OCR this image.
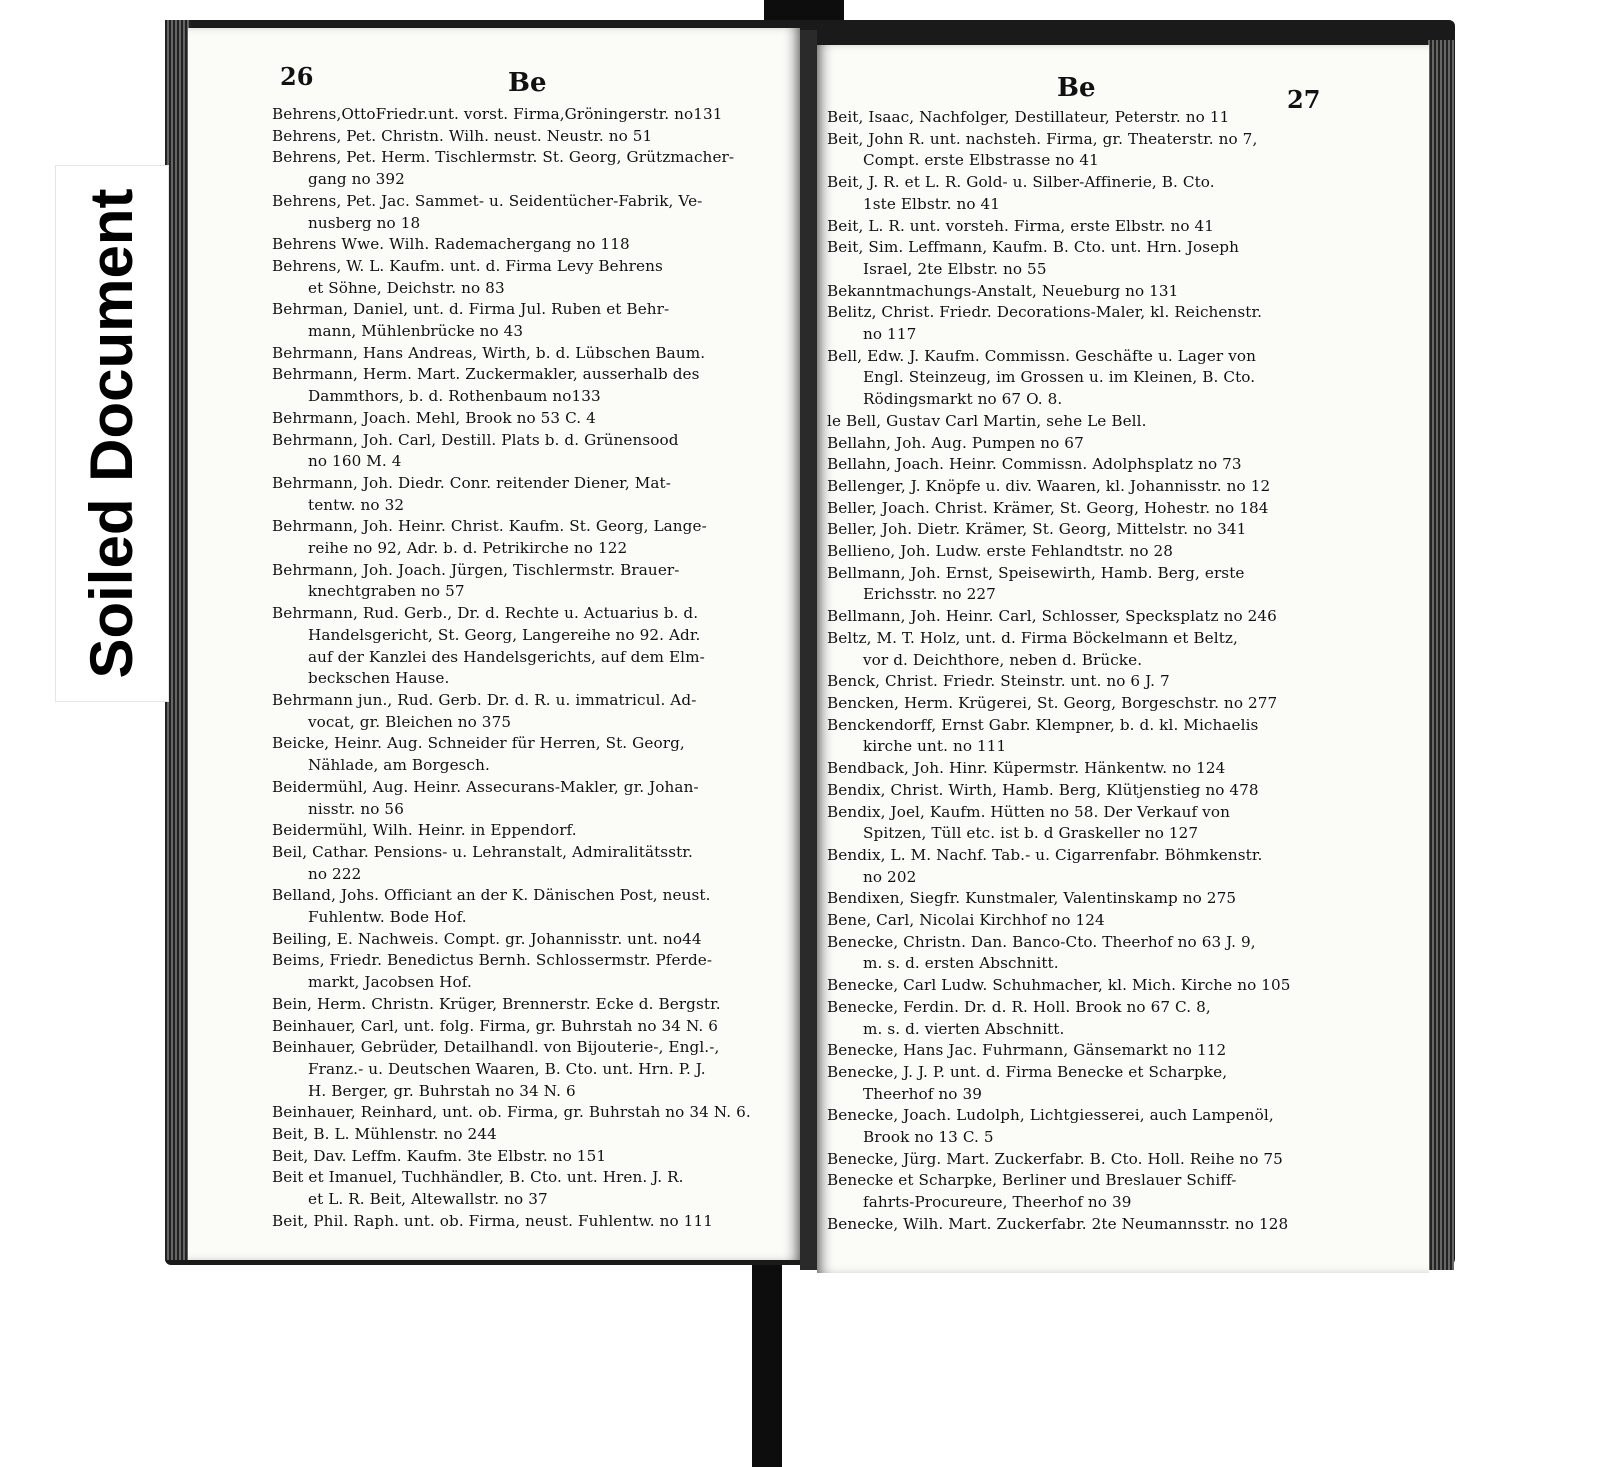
26	Be
Behrens,OttoFriedr.unt. vorst. Firma,Gröningerstr. no131
Behrens, Pet. Christn. Wilh. neust. Neustr. no 51
Behrens, Pet. Herm. Tischlermstr. St. Georg, Grützmacher-
gang no 392
Behrens, Pet. Jac. Sammet- u. Seidentücher-Fabrik, Ve-
nusberg no 18
Behrens Wwe. Wilh. Rademachergang no 118
Behrens, W. L. Kaufm. unt. d. Firma Levy Behrens
et Söhne, Deichstr. no 83
Behrman, Daniel, unt. d. Firma Jul. Ruben et Behr-
mann, Mühlenbrücke no 43
Behrmann, Hans Andreas, Wirth, b. d. Lübschen Baum.
Behrmann, Herm. Mart. Zuckermakler, ausserhalb des
Dammthors, b. d. Rothenbaum no133
Behrmann, Joach. Mehl, Brook no 53 C. 4
Behrmann, Joh. Carl, Destill. Plats b. d. Grünensood
no 160 M. 4
Behrmann, Joh. Diedr. Conr. reitender Diener, Mat-
tentw. no 32
Behrmann, Joh. Heinr. Christ. Kaufm. St. Georg, Lange-
reihe no 92, Adr. b. d. Petrikirche no 122
Behrmann, Joh. Joach. Jürgen, Tischlermstr. Brauer-
knechtgraben no 57
Behrmann, Rud. Gerb., Dr. d. Rechte u. Actuarius b. d.
Handelsgericht, St. Georg, Langereihe no 92. Adr.
auf der Kanzlei des Handelsgerichts, auf dem Elm-
beckschen Hause.
Behrmann jun., Rud. Gerb. Dr. d. R. u. immatricul. Ad-
vocat, gr. Bleichen no 375
Beicke, Heinr. Aug. Schneider für Herren, St. Georg,
Nählade, am Borgesch.
Beidermühl, Aug. Heinr. Assecurans-Makler, gr. Johan-
nisstr. no 56
Beidermühl, Wilh. Heinr. in Eppendorf.
Beil, Cathar. Pensions- u. Lehranstalt, Admiralitätsstr.
no 222
Belland, Johs. Officiant an der K. Dänischen Post, neust.
Fuhlentw. Bode Hof.
Beiling, E. Nachweis. Compt. gr. Johannisstr. unt. no44
Beims, Friedr. Benedictus Bernh. Schlossermstr. Pferde-
markt, Jacobsen Hof.
Bein, Herm. Christn. Krüger, Brennerstr. Ecke d. Bergstr.
Beinhauer, Carl, unt. folg. Firma, gr. Buhrstah no 34 N. 6
Beinhauer, Gebrüder, Detailhandl. von Bijouterie-, Engl.-,
Franz.- u. Deutschen Waaren, B. Cto. unt. Hrn. P. J.
H. Berger, gr. Buhrstah no 34 N. 6
Beinhauer, Reinhard, unt. ob. Firma, gr. Buhrstah no 34 N. 6.
Beit, B. L. Mühlenstr. no 244
Beit, Dav. Leffm. Kaufm. 3te Elbstr. no 151
Beit et Imanuel, Tuchhändler, B. Cto. unt. Hren. J. R.
et L. R. Beit, Altewallstr. no 37
Beit, Phil. Raph. unt. ob. Firma, neust. Fuhlentw. no 111
Be	27
Beit, Isaac, Nachfolger, Destillateur, Peterstr. no 11
Beit, John R. unt. nachsteh. Firma, gr. Theaterstr. no 7,
Compt. erste Elbstrasse no 41
Beit, J. R. et L. R. Gold- u. Silber-Affinerie, B. Cto.
1ste Elbstr. no 41
Beit, L. R. unt. vorsteh. Firma, erste Elbstr. no 41
Beit, Sim. Leffmann, Kaufm. B. Cto. unt. Hrn. Joseph
Israel, 2te Elbstr. no 55
Bekanntmachungs-Anstalt, Neueburg no 131
Belitz, Christ. Friedr. Decorations-Maler, kl. Reichenstr.
no 117
Bell, Edw. J. Kaufm. Commissn. Geschäfte u. Lager von
Engl. Steinzeug, im Grossen u. im Kleinen, B. Cto.
Rödingsmarkt no 67 O. 8.
le Bell, Gustav Carl Martin, sehe Le Bell.
Bellahn, Joh. Aug. Pumpen no 67
Bellahn, Joach. Heinr. Commissn. Adolphsplatz no 73
Bellenger, J. Knöpfe u. div. Waaren, kl. Johannisstr. no 12
Beller, Joach. Christ. Krämer, St. Georg, Hohestr. no 184
Beller, Joh. Dietr. Krämer, St. Georg, Mittelstr. no 341
Bellieno, Joh. Ludw. erste Fehlandtstr. no 28
Bellmann, Joh. Ernst, Speisewirth, Hamb. Berg, erste
Erichsstr. no 227
Bellmann, Joh. Heinr. Carl, Schlosser, Specksplatz no 246
Beltz, M. T. Holz, unt. d. Firma Böckelmann et Beltz,
vor d. Deichthore, neben d. Brücke.
Benck, Christ. Friedr. Steinstr. unt. no 6 J. 7
Bencken, Herm. Krügerei, St. Georg, Borgeschstr. no 277
Benckendorff, Ernst Gabr. Klempner, b. d. kl. Michaelis
kirche unt. no 111
Bendback, Joh. Hinr. Küpermstr. Hänkentw. no 124
Bendix, Christ. Wirth, Hamb. Berg, Klütjenstieg no 478
Bendix, Joel, Kaufm. Hütten no 58. Der Verkauf von
Spitzen, Tüll etc. ist b. d Graskeller no 127
Bendix, L. M. Nachf. Tab.- u. Cigarrenfabr. Böhmkenstr.
no 202
Bendixen, Siegfr. Kunstmaler, Valentinskamp no 275
Bene, Carl, Nicolai Kirchhof no 124
Benecke, Christn. Dan. Banco-Cto. Theerhof no 63 J. 9,
m. s. d. ersten Abschnitt.
Benecke, Carl Ludw. Schuhmacher, kl. Mich. Kirche no 105
Benecke, Ferdin. Dr. d. R. Holl. Brook no 67 C. 8,
m. s. d. vierten Abschnitt.
Benecke, Hans Jac. Fuhrmann, Gänsemarkt no 112
Benecke, J. J. P. unt. d. Firma Benecke et Scharpke,
Theerhof no 39
Benecke, Joach. Ludolph, Lichtgiesserei, auch Lampenöl,
Brook no 13 C. 5
Benecke, Jürg. Mart. Zuckerfabr. B. Cto. Holl. Reihe no 75
Benecke et Scharpke, Berliner und Breslauer Schiff-
fahrts-Procureure, Theerhof no 39
Benecke, Wilh. Mart. Zuckerfabr. 2te Neumannsstr. no 128
Soiled Document
